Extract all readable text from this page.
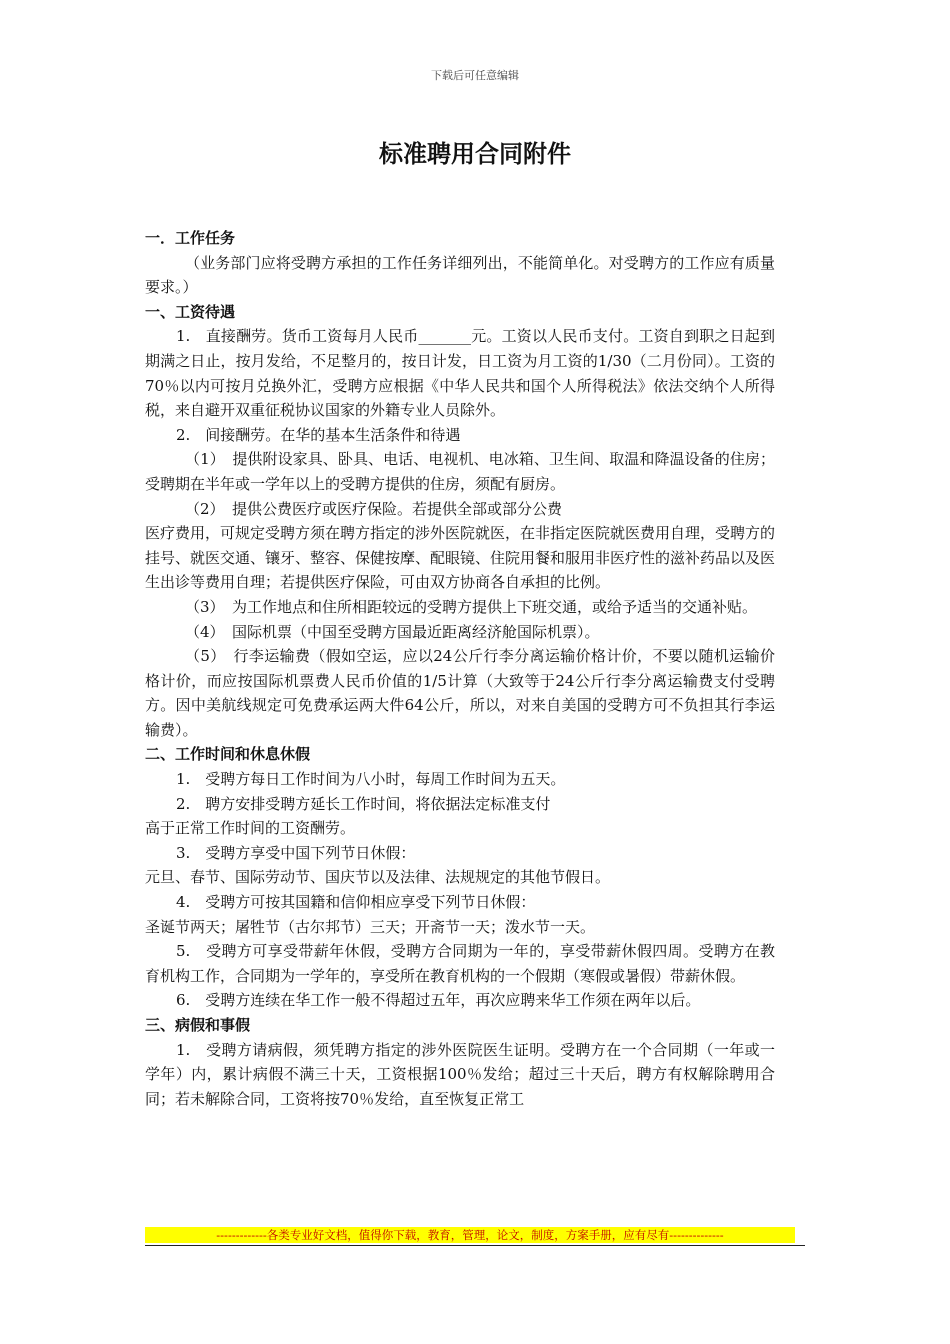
下载后可任意编辑
标准聘用合同附件

一．工作任务

（业务部门应将受聘方承担的工作任务详细列出，不能简单化。对受聘方的工作应有质量要求。）

一、工资待遇

1.　直接酬劳。货币工资每月人民币_______元。工资以人民币支付。工资自到职之日起到期满之日止，按月发给，不足整月的，按日计发，日工资为月工资的1/30（二月份同）。工资的70％以内可按月兑换外汇，受聘方应根据《中华人民共和国个人所得税法》依法交纳个人所得税，来自避开双重征税协议国家的外籍专业人员除外。

2.　间接酬劳。在华的基本生活条件和待遇

（1）　提供附设家具、卧具、电话、电视机、电冰箱、卫生间、取温和降温设备的住房；受聘期在半年或一学年以上的受聘方提供的住房，须配有厨房。

（2）　提供公费医疗或医疗保险。若提供全部或部分公费

医疗费用，可规定受聘方须在聘方指定的涉外医院就医，在非指定医院就医费用自理，受聘方的挂号、就医交通、镶牙、整容、保健按摩、配眼镜、住院用餐和服用非医疗性的滋补药品以及医生出诊等费用自理；若提供医疗保险，可由双方协商各自承担的比例。

（3）　为工作地点和住所相距较远的受聘方提供上下班交通，或给予适当的交通补贴。

（4）　国际机票（中国至受聘方国最近距离经济舱国际机票）。

（5）　行李运输费（假如空运，应以24公斤行李分离运输价格计价，不要以随机运输价格计价，而应按国际机票费人民币价值的1/5计算（大致等于24公斤行李分离运输费支付受聘方。因中美航线规定可免费承运两大件64公斤，所以，对来自美国的受聘方可不负担其行李运输费）。

二、工作时间和休息休假

1.　受聘方每日工作时间为八小时，每周工作时间为五天。

2.　聘方安排受聘方延长工作时间，将依据法定标准支付

高于正常工作时间的工资酬劳。

3.　受聘方享受中国下列节日休假：

元旦、春节、国际劳动节、国庆节以及法律、法规规定的其他节假日。

4.　受聘方可按其国籍和信仰相应享受下列节日休假：

圣诞节两天；屠牲节（古尔邦节）三天；开斋节一天；泼水节一天。

5.　受聘方可享受带薪年休假，受聘方合同期为一年的，享受带薪休假四周。受聘方在教育机构工作，合同期为一学年的，享受所在教育机构的一个假期（寒假或暑假）带薪休假。

6.　受聘方连续在华工作一般不得超过五年，再次应聘来华工作须在两年以后。

三、病假和事假

1.　受聘方请病假，须凭聘方指定的涉外医院医生证明。受聘方在一个合同期（一年或一学年）内，累计病假不满三十天，工资根据100％发给；超过三十天后，聘方有权解除聘用合同；若未解除合同，工资将按70％发给，直至恢复正常工

-------------各类专业好文档，值得你下载，教育，管理，论文，制度，方案手册，应有尽有--------------
